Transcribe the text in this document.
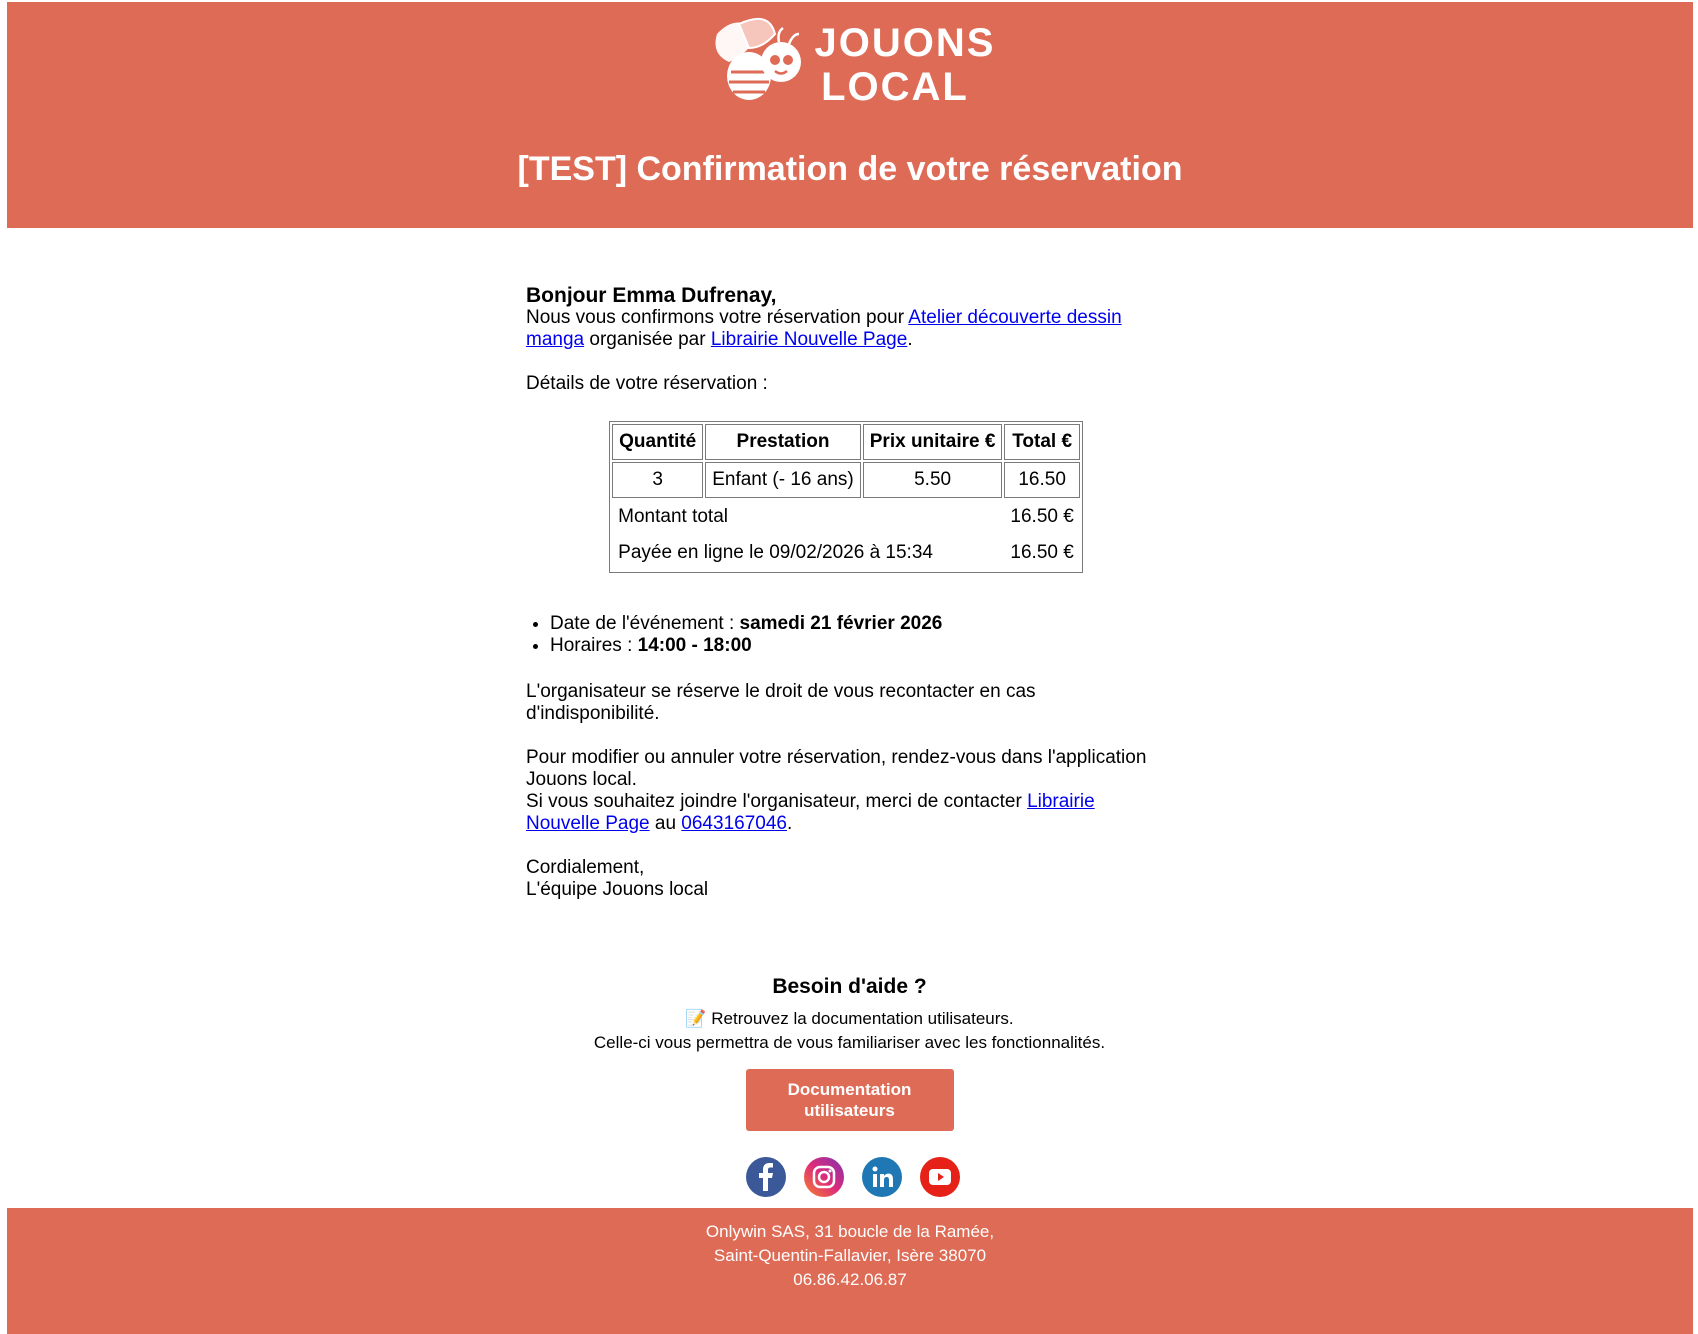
JOUONS
LOCAL
[TEST] Confirmation de votre réservation

Bonjour Emma Dufrenay,

Nous vous confirmons votre réservation pour Atelier découverte dessin manga organisée par Librairie Nouvelle Page.

Détails de votre réservation :

Quantité	Prestation	Prix unitaire €	Total €
3	Enfant (- 16 ans)	5.50	16.50
Montant total			16.50 €
Payée en ligne le 09/02/2026 à 15:34			16.50 €
• Date de l'événement : samedi 21 février 2026
• Horaires : 14:00 - 18:00

L'organisateur se réserve le droit de vous recontacter en cas d'indisponibilité.

Pour modifier ou annuler votre réservation, rendez-vous dans l'application Jouons local.

Si vous souhaitez joindre l'organisateur, merci de contacter Librairie Nouvelle Page au 0643167046.

Cordialement,

L'équipe Jouons local

Besoin d'aide ?
📝 Retrouvez la documentation utilisateurs.
Celle-ci vous permettra de vous familiariser avec les fonctionnalités.
Documentation utilisateurs
Onlywin SAS, 31 boucle de la Ramée,
Saint-Quentin-Fallavier, Isère 38070
06.86.42.06.87
